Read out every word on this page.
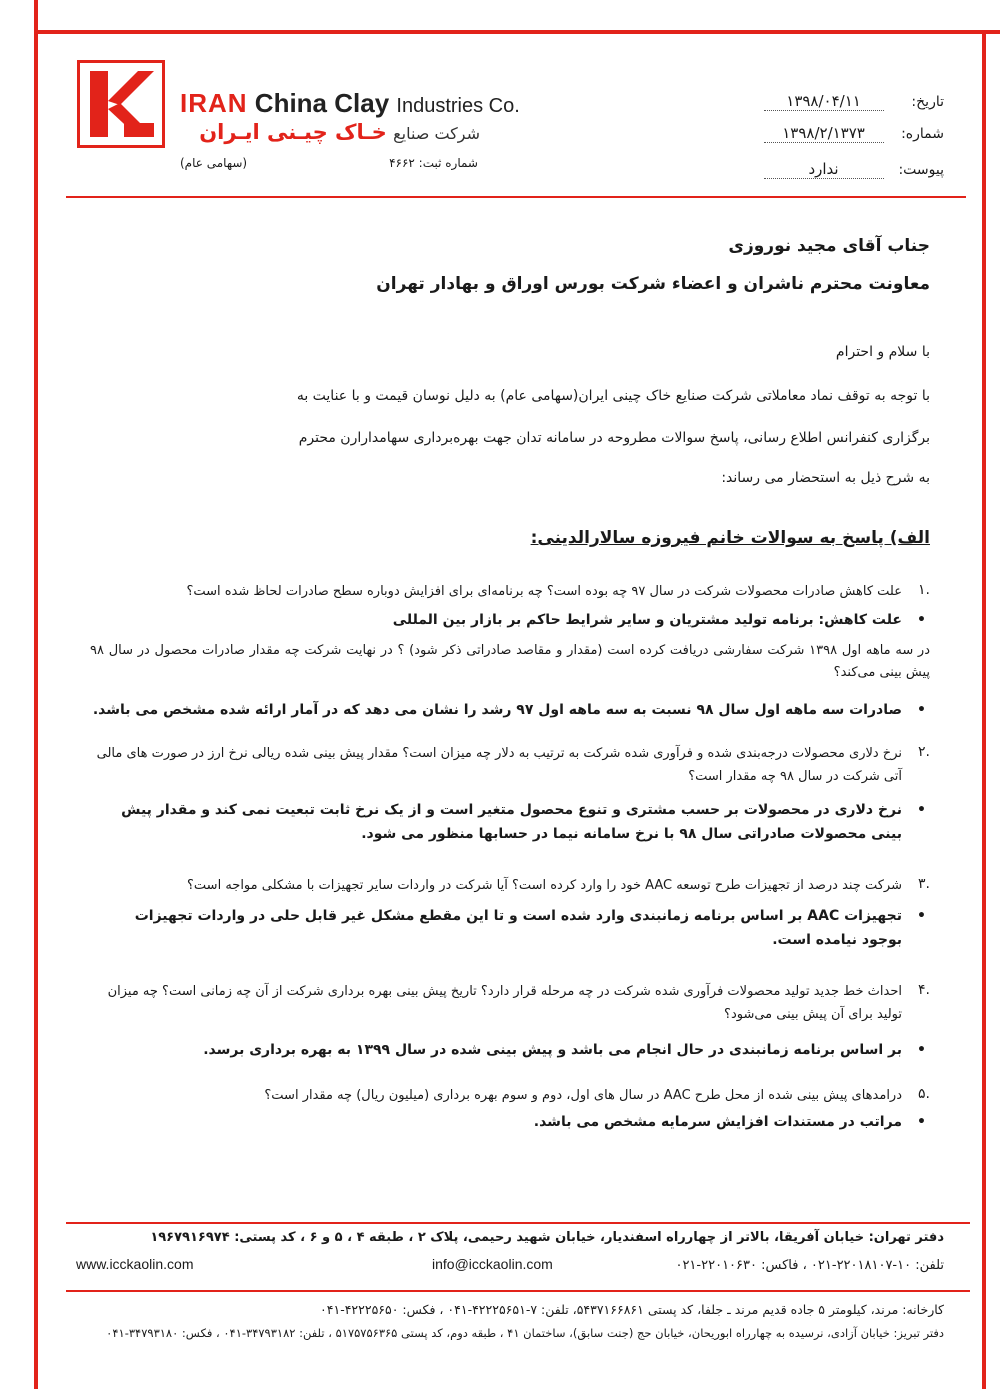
IRAN China Clay Industries Co.
شرکت صنایع خـاک چیـنی ایـران
(سهامی عام)	شماره ثبت: ۴۶۶۲
تاریخ: ۱۳۹۸/۰۴/۱۱
شماره: ۱۳۹۸/۲/۱۳۷۳
پیوست: ندارد
جناب آقای مجید نوروزی
معاونت محترم ناشران و اعضاء شرکت بورس اوراق و بهادار تهران
با سلام و احترام
با توجه به توقف نماد معاملاتی شرکت صنایع خاک چینی ایران(سهامی عام) به دلیل نوسان قیمت و با عنایت به
برگزاری کنفرانس اطلاع رسانی، پاسخ سوالات مطروحه در سامانه تدان جهت بهره‌برداری سهامدارارن محترم
به شرح ذیل به استحضار می رساند:
الف) پاسخ به سوالات خانم فیروزه سالارالدینی:
.۱
علت کاهش صادرات محصولات شرکت در سال ۹۷ چه بوده است؟ چه برنامه‌ای برای افزایش دوباره سطح صادرات لحاظ شده است؟
•
علت کاهش: برنامه تولید مشتریان و سایر شرایط حاکم بر بازار بین المللی
در سه ماهه اول ۱۳۹۸ شرکت سفارشی دریافت کرده است (مقدار و مقاصد صادراتی ذکر شود) ؟ در نهایت شرکت چه مقدار صادرات محصول در سال ۹۸ پیش بینی می‌کند؟
•
صادرات سه ماهه اول سال ۹۸ نسبت به سه ماهه اول ۹۷ رشد را نشان می دهد که در آمار ارائه شده مشخص می باشد.
.۲
نرخ دلاری محصولات درجه‌بندی شده و فرآوری شده شرکت به ترتیب به دلار چه میزان است؟ مقدار پیش بینی شده ریالی نرخ ارز در صورت های مالی آتی شرکت در سال ۹۸ چه مقدار است؟
•
نرخ دلاری در محصولات بر حسب مشتری و تنوع محصول متغیر است و از یک نرخ ثابت تبعیت نمی کند و مقدار پیش بینی محصولات صادراتی سال ۹۸ با نرخ سامانه نیما در حسابها منظور می شود.
.۳
شرکت چند درصد از تجهیزات طرح توسعه AAC خود را وارد کرده است؟ آیا شرکت در واردات سایر تجهیزات با مشکلی مواجه است؟
•
تجهیزات AAC بر اساس برنامه زمانبندی وارد شده است و تا این مقطع مشکل غیر قابل حلی در واردات تجهیزات بوجود نیامده است.
.۴
احداث خط جدید تولید محصولات فرآوری شده شرکت در چه مرحله قرار دارد؟ تاریخ پیش بینی بهره برداری شرکت از آن چه زمانی است؟ چه میزان تولید برای آن پیش بینی می‌شود؟
•
بر اساس برنامه زمانبندی در حال انجام می باشد و پیش بینی شده در سال ۱۳۹۹ به بهره برداری برسد.
.۵
درامدهای پیش بینی شده از محل طرح AAC در سال های اول، دوم و سوم بهره برداری (میلیون ریال) چه مقدار است؟
•
مراتب در مستندات افزایش سرمایه مشخص می باشد.
دفتر تهران: خیابان آفریقا، بالاتر از چهارراه اسفندیار، خیابان شهید رحیمی، پلاک ۲ ، طبقه ۴ ، ۵ و ۶ ، کد پستی: ۱۹۶۷۹۱۶۹۷۴
تلفن: ۱۰-۲۲۰۱۸۱۰۷-۰۲۱ ، فاکس: ۲۲۰۱۰۶۳۰-۰۲۱
info@icckaolin.com
www.icckaolin.com
کارخانه: مرند، کیلومتر ۵ جاده قدیم مرند ـ جلفا، کد پستی ۵۴۳۷۱۶۶۸۶۱، تلفن: ۷-۴۲۲۲۵۶۵۱-۰۴۱ ، فکس: ۴۲۲۲۵۶۵۰-۰۴۱
دفتر تبریز: خیابان آزادی، نرسیده به چهارراه ابوریحان، خیابان حج (جنت سابق)، ساختمان ۴۱ ، طبقه دوم، کد پستی ۵۱۷۵۷۵۶۳۶۵ ، تلفن: ۳۴۷۹۳۱۸۲-۰۴۱ ، فکس: ۳۴۷۹۳۱۸۰-۰۴۱
